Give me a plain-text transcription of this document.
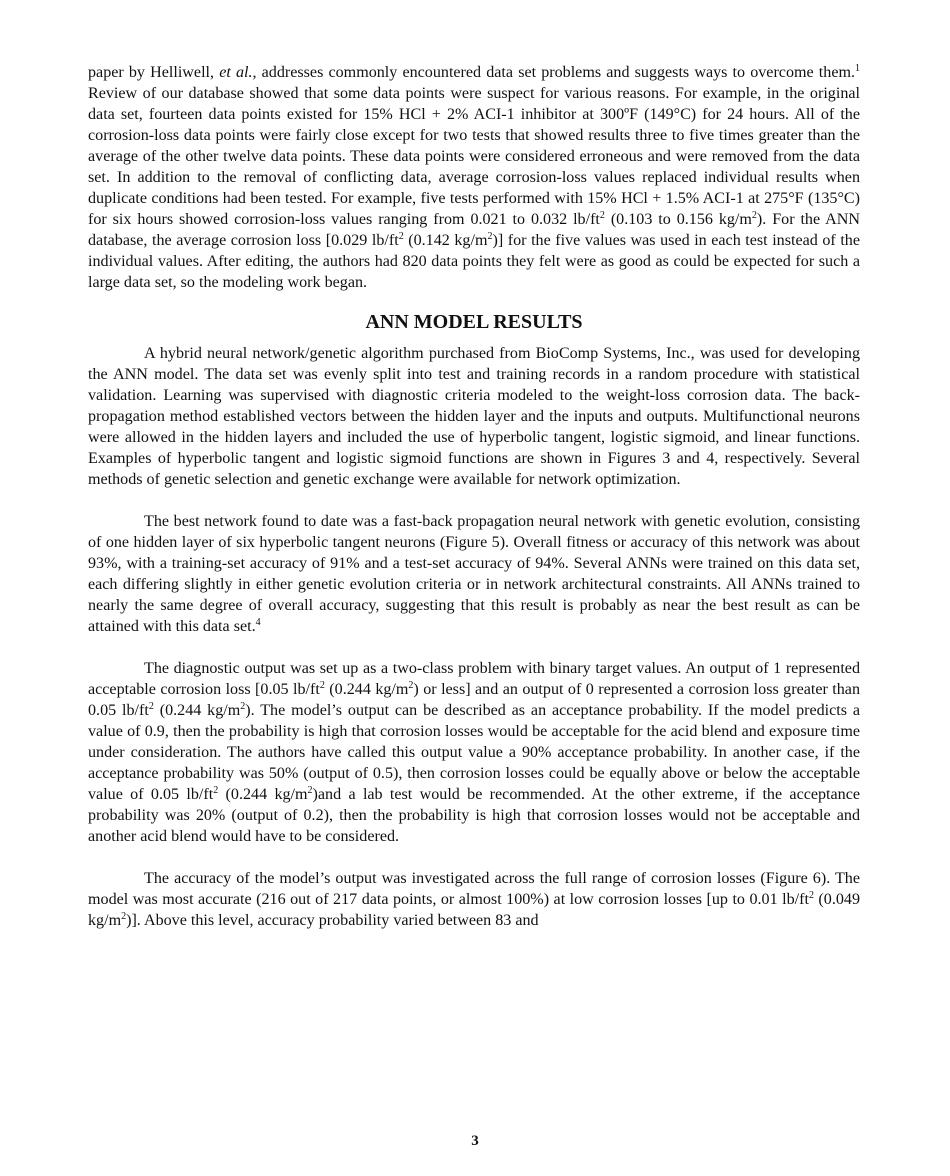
paper by Helliwell, et al., addresses commonly encountered data set problems and suggests ways to overcome them.$^1$ Review of our database showed that some data points were suspect for various reasons. For example, in the original data set, fourteen data points existed for 15% HCl + 2% ACI-1 inhibitor at 300ºF (149°C) for 24 hours. All of the corrosion-loss data points were fairly close except for two tests that showed results three to five times greater than the average of the other twelve data points. These data points were considered erroneous and were removed from the data set. In addition to the removal of conflicting data, average corrosion-loss values replaced individual results when duplicate conditions had been tested. For example, five tests performed with 15% HCl + 1.5% ACI-1 at 275°F (135°C) for six hours showed corrosion-loss values ranging from 0.021 to 0.032 $lb/ft^2$ (0.103 to 0.156 $kg/m^2$). For the ANN database, the average corrosion loss [0.029 $lb/ft^2$ (0.142 $kg/m^2$)] for the five values was used in each test instead of the individual values. After editing, the authors had 820 data points they felt were as good as could be expected for such a large data set, so the modeling work began.

ANN MODEL RESULTS

A hybrid neural network/genetic algorithm purchased from BioComp Systems, Inc., was used for developing the ANN model. The data set was evenly split into test and training records in a random procedure with statistical validation. Learning was supervised with diagnostic criteria modeled to the weight-loss corrosion data. The back-propagation method established vectors between the hidden layer and the inputs and outputs. Multifunctional neurons were allowed in the hidden layers and included the use of hyperbolic tangent, logistic sigmoid, and linear functions. Examples of hyperbolic tangent and logistic sigmoid functions are shown in Figures 3 and 4, respectively. Several methods of genetic selection and genetic exchange were available for network optimization.

The best network found to date was a fast-back propagation neural network with genetic evolution, consisting of one hidden layer of six hyperbolic tangent neurons (Figure 5). Overall fitness or accuracy of this network was about 93%, with a training-set accuracy of 91% and a test-set accuracy of 94%. Several ANNs were trained on this data set, each differing slightly in either genetic evolution criteria or in network architectural constraints. All ANNs trained to nearly the same degree of overall accuracy, suggesting that this result is probably as near the best result as can be attained with this data set.$^4$

The diagnostic output was set up as a two-class problem with binary target values. An output of 1 represented acceptable corrosion loss [0.05 $lb/ft^2$ (0.244 $kg/m^2$) or less] and an output of 0 represented a corrosion loss greater than 0.05 $lb/ft^2$ (0.244 $kg/m^2$). The model’s output can be described as an acceptance probability. If the model predicts a value of 0.9, then the probability is high that corrosion losses would be acceptable for the acid blend and exposure time under consideration. The authors have called this output value a 90% acceptance probability. In another case, if the acceptance probability was 50% (output of 0.5), then corrosion losses could be equally above or below the acceptable value of 0.05 $lb/ft^2$ (0.244 $kg/m^2)and$ a lab test would be recommended. At the other extreme, if the acceptance probability was 20% (output of 0.2), then the probability is high that corrosion losses would not be acceptable and another acid blend would have to be considered.

The accuracy of the model’s output was investigated across the full range of corrosion losses (Figure 6). The model was most accurate (216 out of 217 data points, or almost 100%) at low corrosion losses [up to 0.01 $lb/ft^2$ (0.049 $kg/m^2$)]. Above this level, accuracy probability varied between 83 and

3
